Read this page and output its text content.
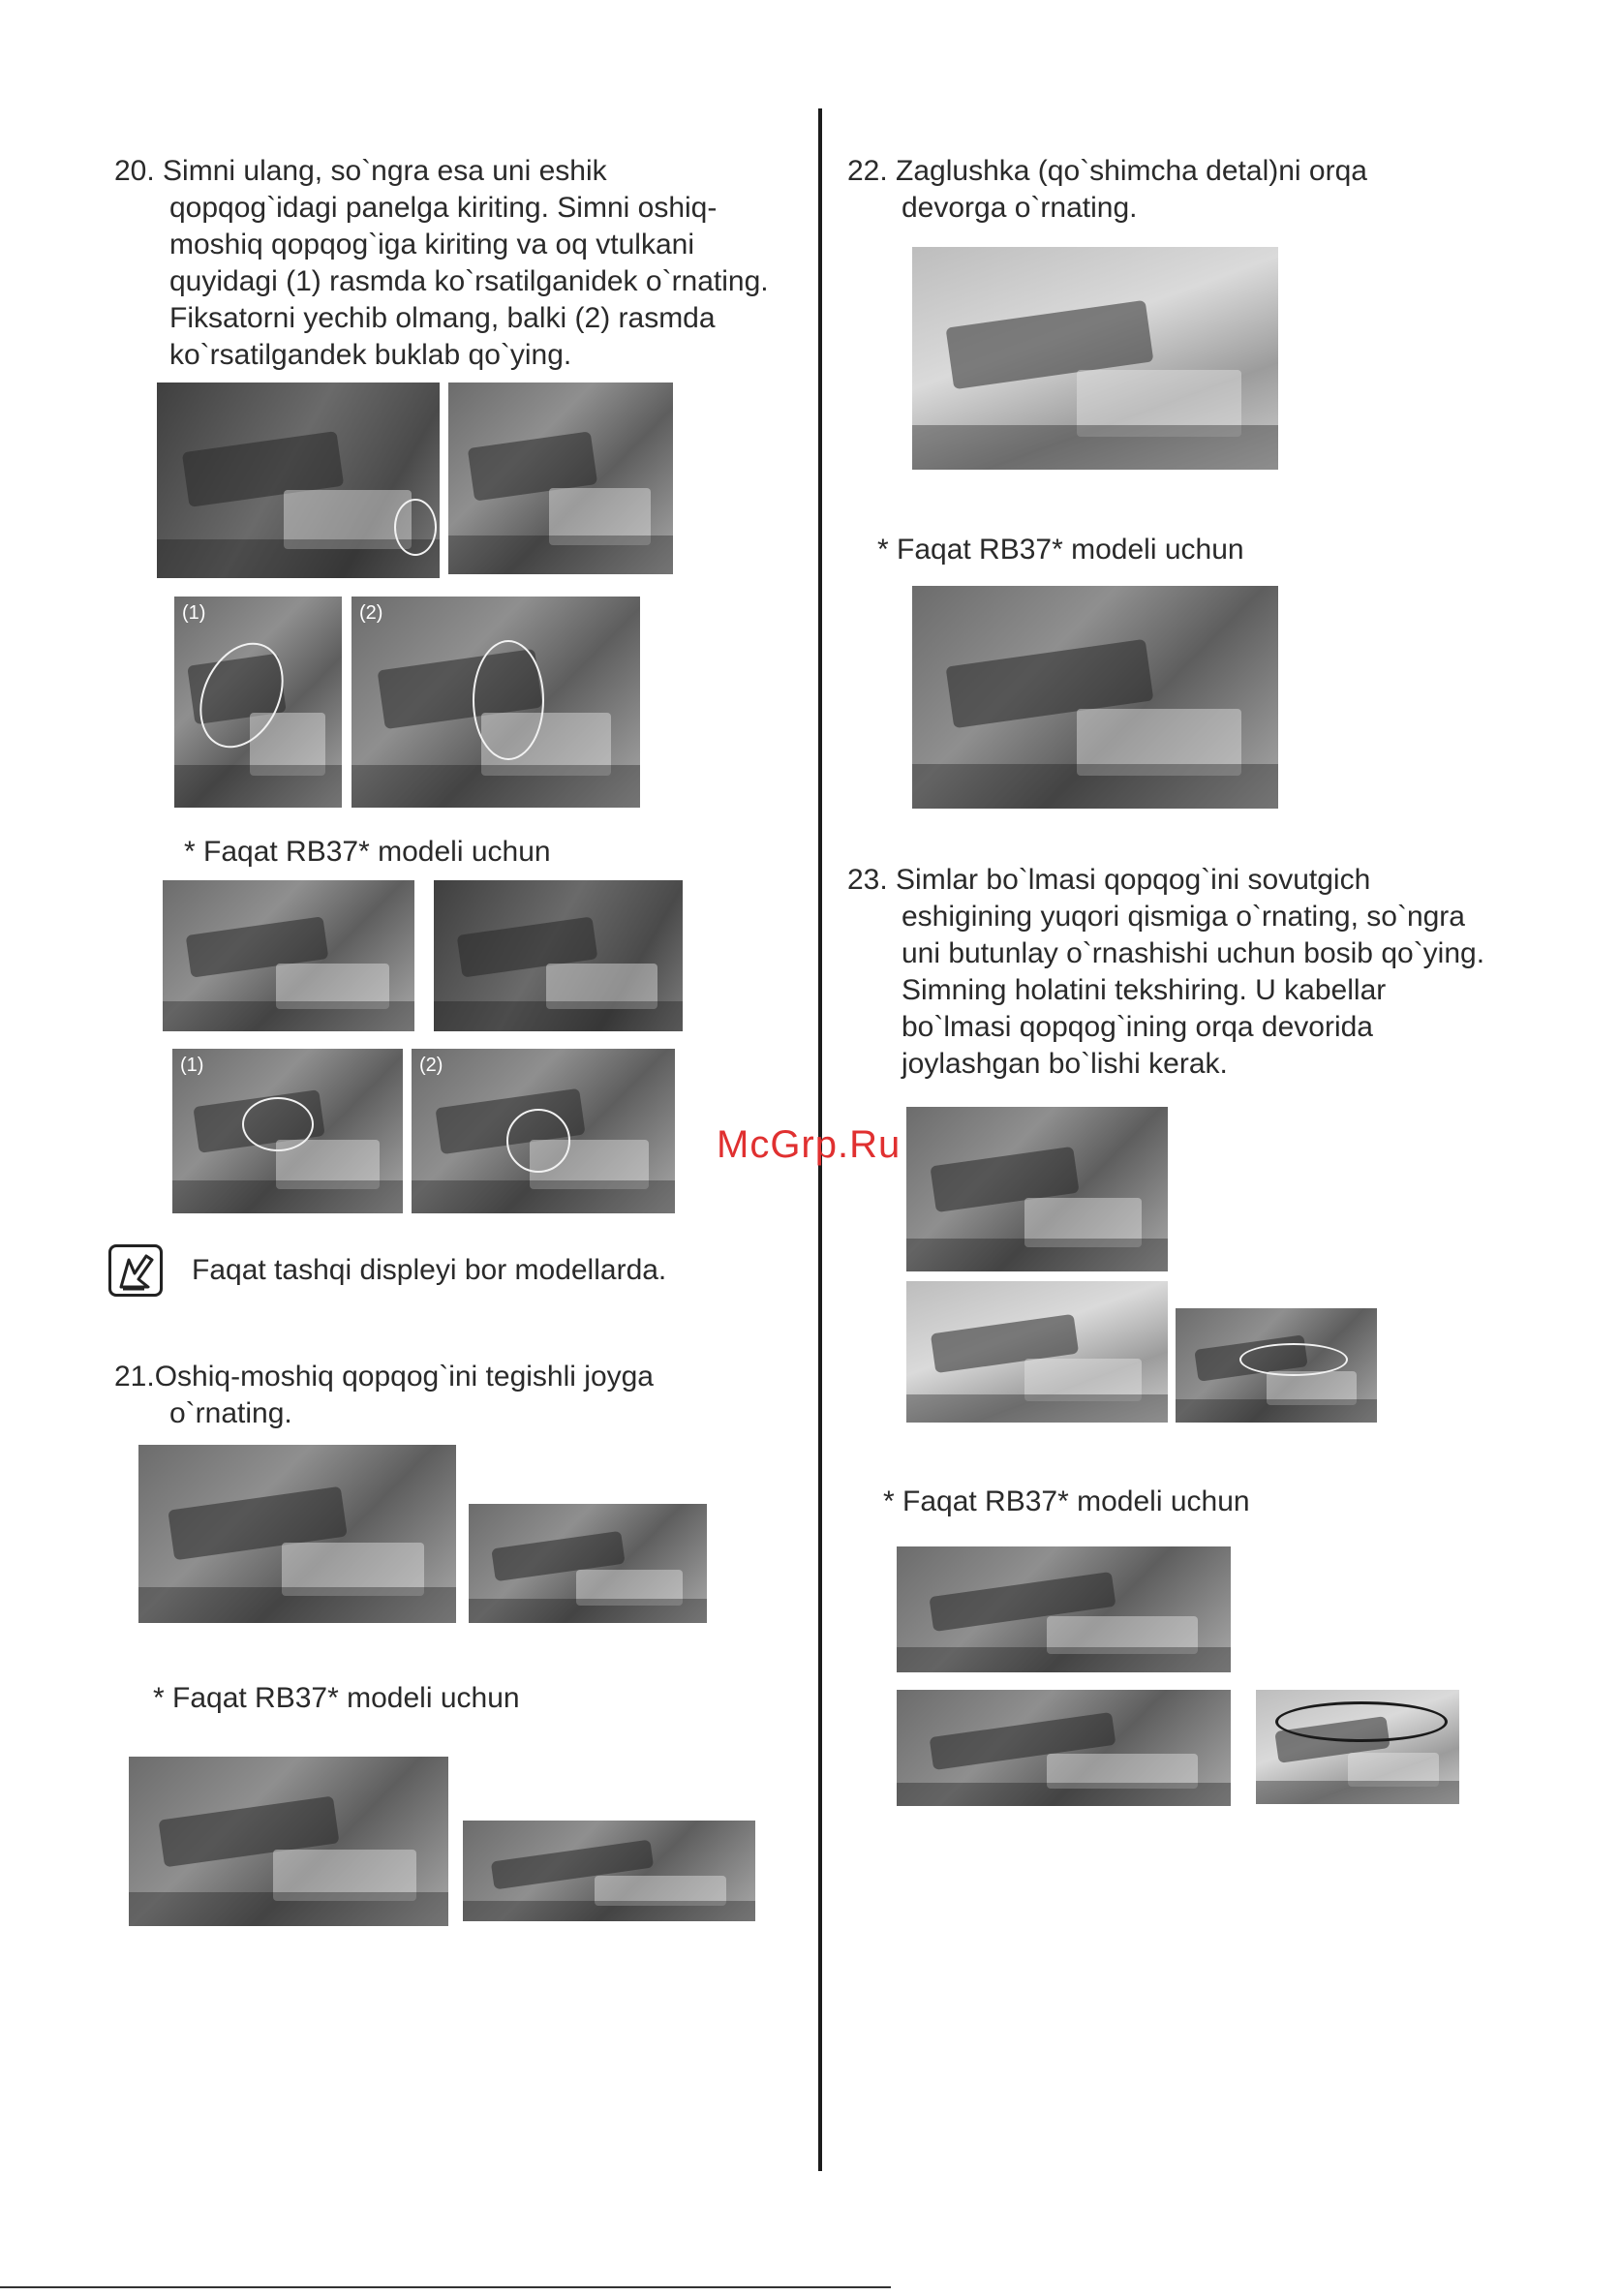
20. Simni ulang, so`ngra esa uni eshik
qopqog`idagi panelga kiriting. Simni oshiq-
moshiq qopqog`iga kiriting va oq vtulkani
quyidagi (1) rasmda ko`rsatilganidek o`rnating.
Fiksatorni yechib olmang, balki (2) rasmda
ko`rsatilgandek buklab qo`ying.
(1)	(2)
* Faqat RB37* modeli uchun
(1)	(2)
Faqat tashqi displeyi bor modellarda.
21.Oshiq-moshiq qopqog`ini tegishli joyga
o`rnating.
* Faqat RB37* modeli uchun
22. Zaglushka (qo`shimcha detal)ni orqa
devorga o`rnating.
* Faqat RB37* modeli uchun
23. Simlar bo`lmasi qopqog`ini sovutgich
eshigining yuqori qismiga o`rnating, so`ngra
uni butunlay o`rnashishi uchun bosib qo`ying.
Simning holatini tekshiring. U kabellar
bo`lmasi qopqog`ining orqa devorida
joylashgan bo`lishi kerak.
McGrp.Ru
* Faqat RB37* modeli uchun
